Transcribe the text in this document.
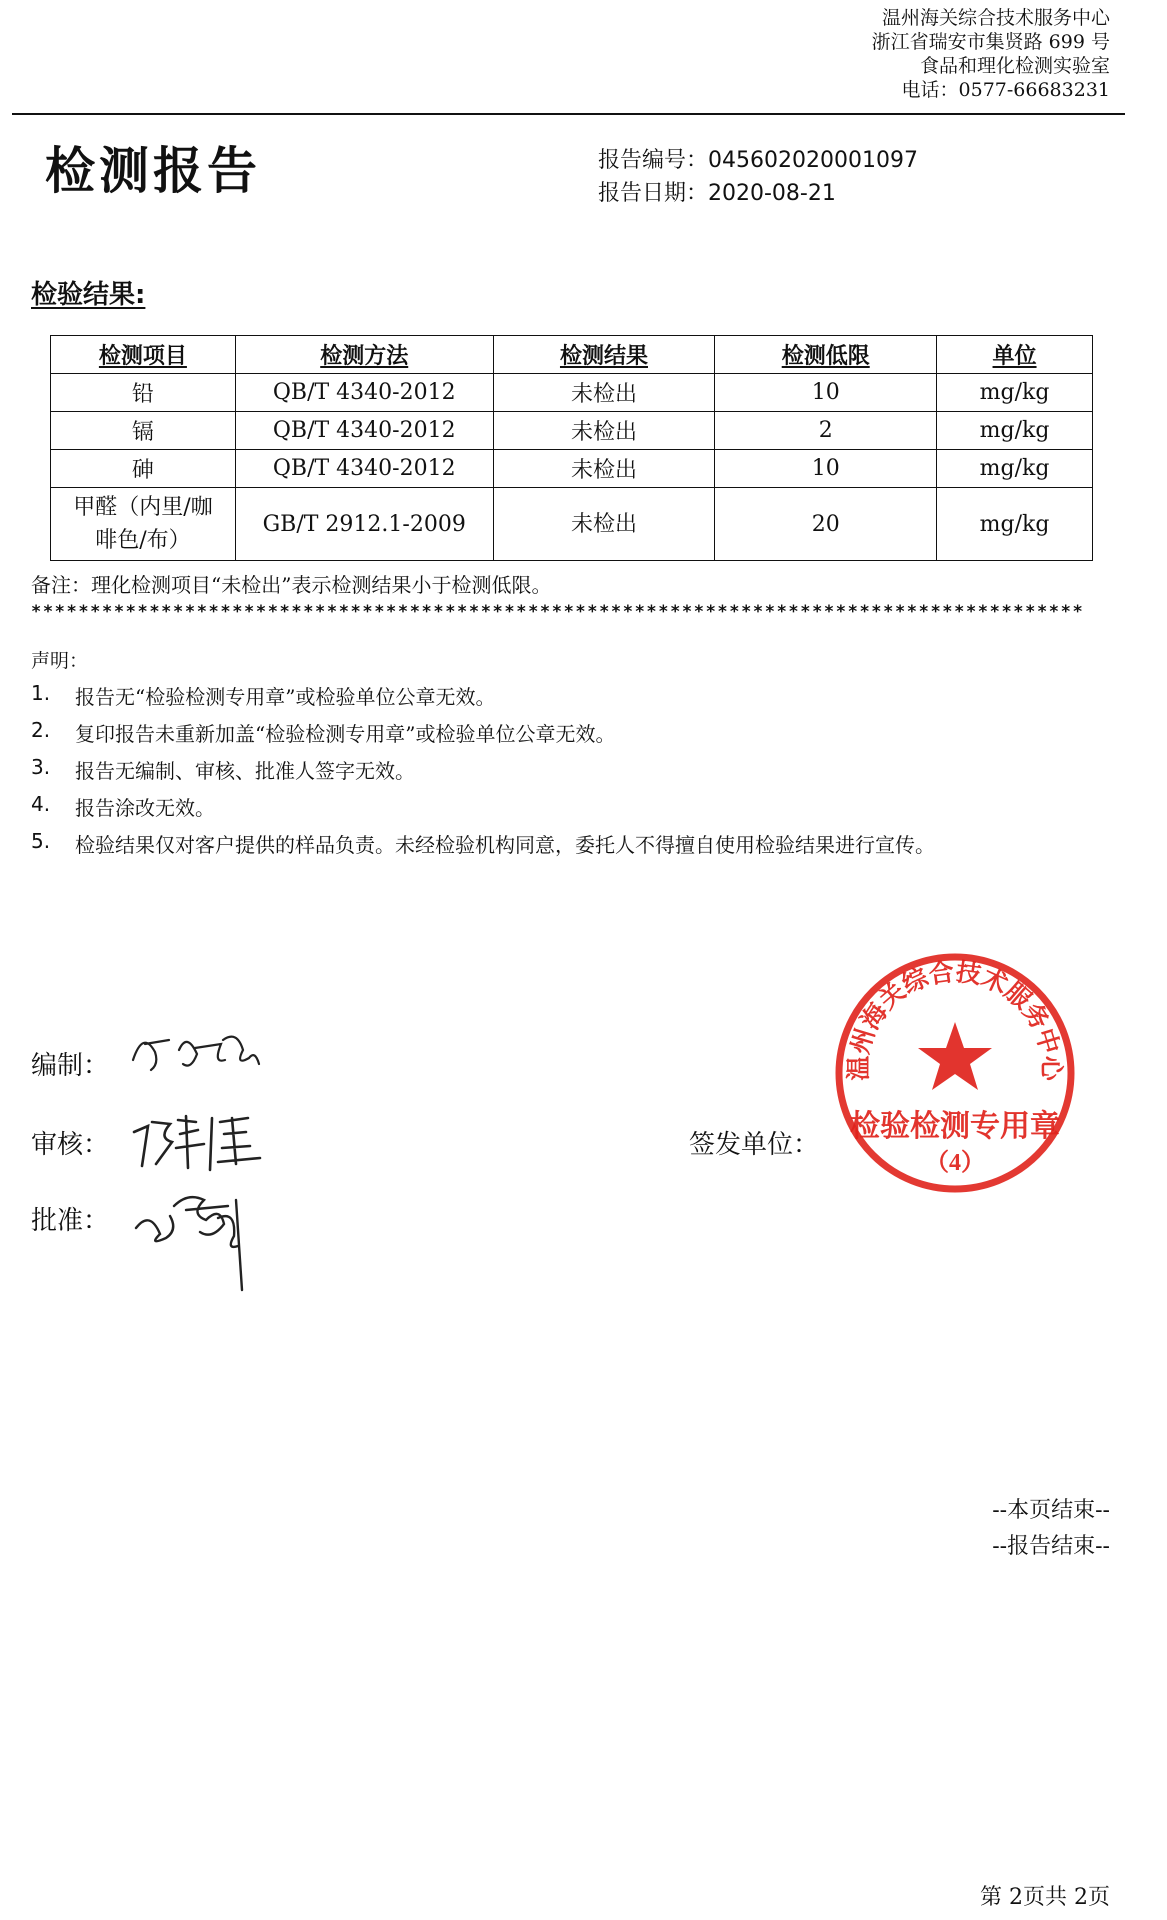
温州海关综合技术服务中心
浙江省瑞安市集贤路 699 号
食品和理化检测实验室
电话：0577-66683231
检测报告	报告编号：045602020001097
报告日期：2020-08-21
检验结果:
检测项目	检测方法	检测结果	检测低限	单位
铅	QB/T 4340-2012	未检出	10	mg/kg
镉	QB/T 4340-2012	未检出	2	mg/kg
砷	QB/T 4340-2012	未检出	10	mg/kg
甲醛（内里/咖啡色/布）	GB/T 2912.1-2009	未检出	20	mg/kg
备注：理化检测项目“未检出”表示检测结果小于检测低限。
*****************************************************************************************
声明：
1.	报告无“检验检测专用章”或检验单位公章无效。
2.	复印报告未重新加盖“检验检测专用章”或检验单位公章无效。
3.	报告无编制、审核、批准人签字无效。
4.	报告涂改无效。
5.	检验结果仅对客户提供的样品负责。未经检验机构同意，委托人不得擅自使用检验结果进行宣传。
编制：
审核：
批准：
签发单位：
温州海关综合技术服务中心
检验检测专用章
（4）
--本页结束--
--报告结束--
第 2页共 2页
